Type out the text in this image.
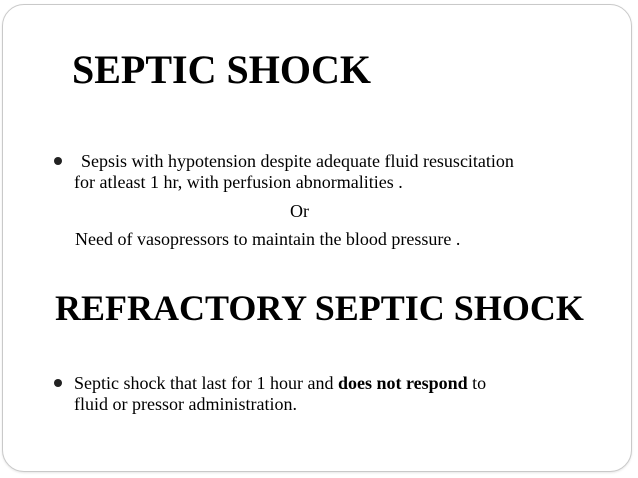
SEPTIC SHOCK
Sepsis with hypotension despite adequate fluid resuscitation
for atleast 1 hr, with perfusion abnormalities .
Or
Need of vasopressors to maintain the blood pressure .
REFRACTORY SEPTIC SHOCK
Septic shock that last for 1 hour and does not respond to
fluid or pressor administration.
